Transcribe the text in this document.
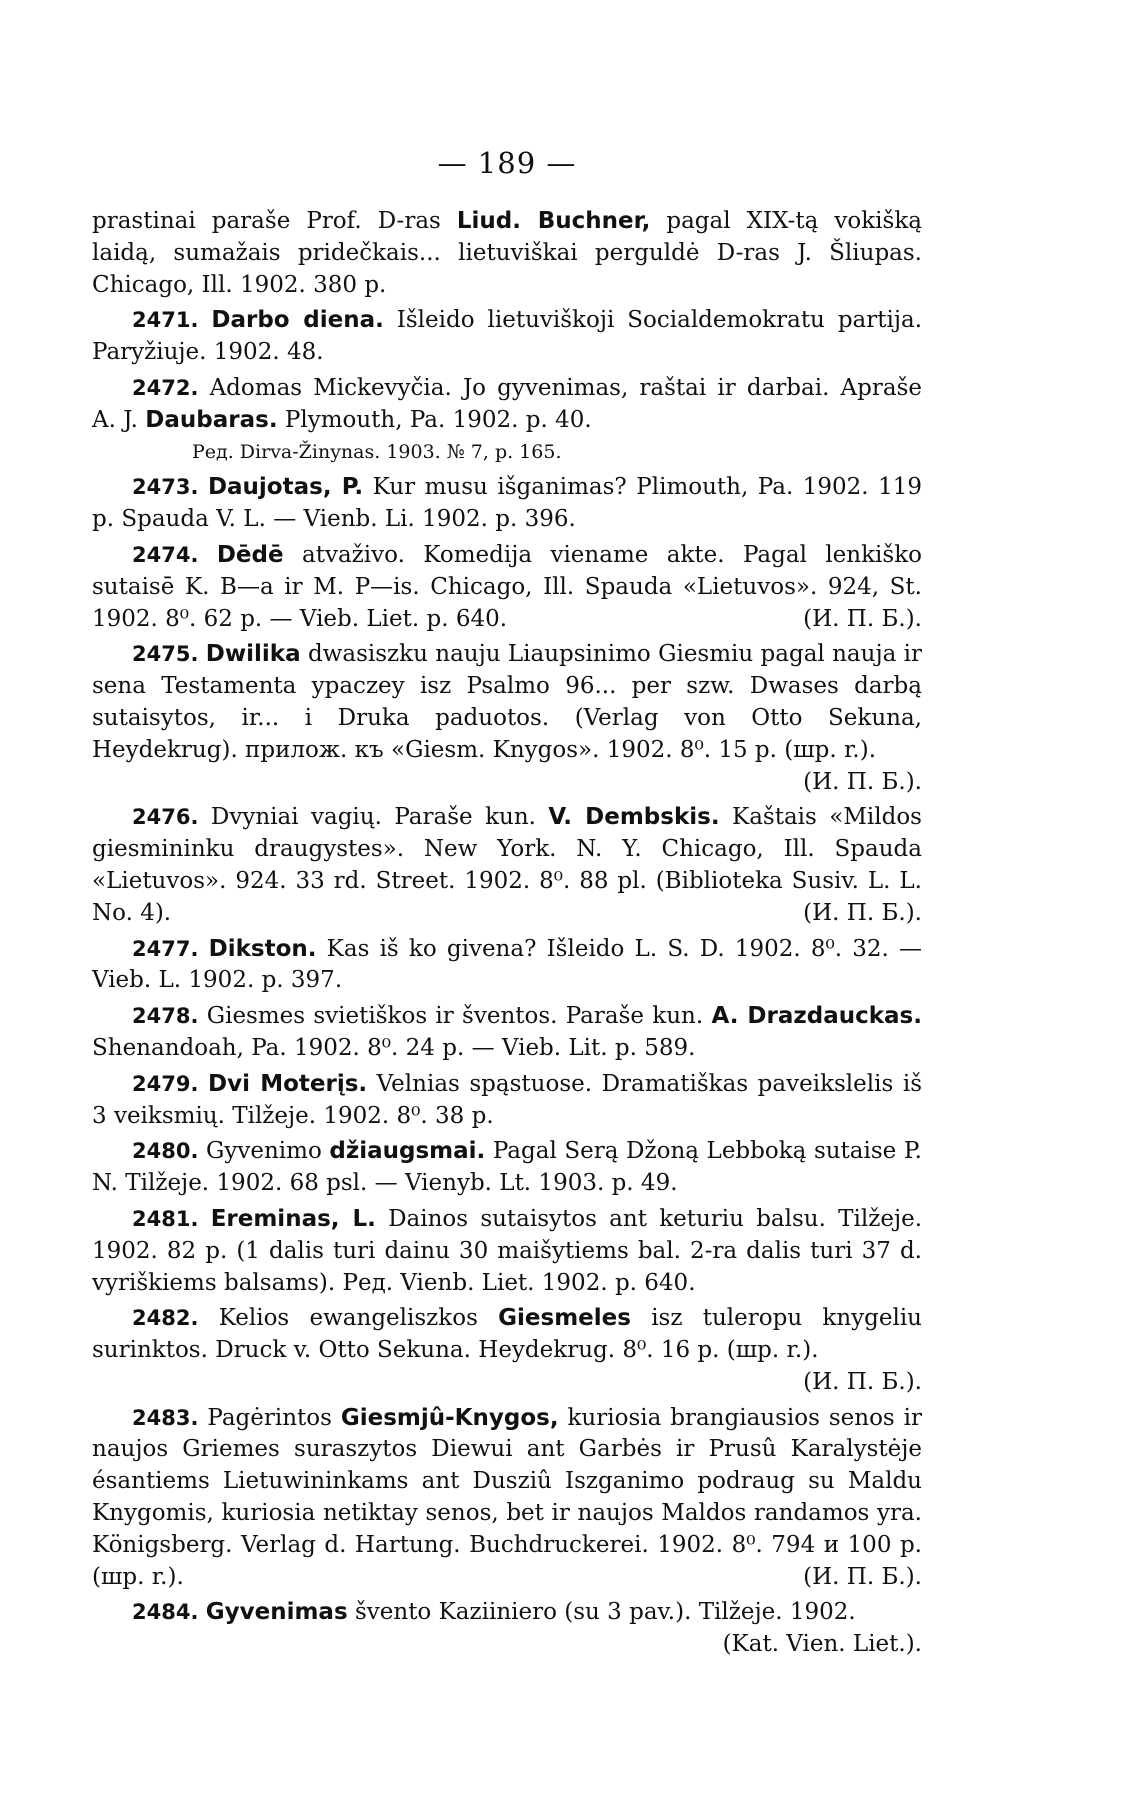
— 189 —

prastinai paraše Prof. D-ras Liud. Buchner, pagal XIX-tą vokišką laidą, sumažais pridečkais... lietuviškai perguldė D-ras J. Šliupas. Chicago, Ill. 1902. 380 p.

2471. Darbo diena. Išleido lietuviškoji Socialdemokratu partija. Paryžiuje. 1902. 48.

2472. Adomas Mickevyčia. Jo gyvenimas, raštai ir darbai. Apraše A. J. Daubaras. Plymouth, Pa. 1902. p. 40.
Ред. Dirva-Žinynas. 1903. № 7, p. 165.

2473. Daujotas, P. Kur musu išganimas? Plimouth, Pa. 1902. 119 p. Spauda V. L. — Vienb. Li. 1902. p. 396.

2474. Dēdē atvaživo. Komedija viename akte. Pagal lenkiško sutaisē K. B—a ir M. P—is. Chicago, Ill. Spauda «Lietuvos». 924, St. 1902. 8⁰. 62 p. — Vieb. Liet. p. 640.	(И. П. Б.).

2475. Dwilika dwasiszku nauju Liaupsinimo Giesmiu pagal nauja ir sena Testamenta ypaczey isz Psalmo 96... per szw. Dwases darbą sutaisytos, ir... i Druka paduotos. (Verlag von Otto Sekuna, Heydekrug). прилож. къ «Giesm. Knygos». 1902. 8⁰. 15 p. (шр. r.).
(И. П. Б.).

2476. Dvyniai vagių. Paraše kun. V. Dembskis. Kaštais «Mildos giesmininku draugystes». New York. N. Y. Chicago, Ill. Spauda «Lietuvos». 924. 33 rd. Street. 1902. 8⁰. 88 pl. (Biblioteka Susiv. L. L. No. 4).	(И. П. Б.).

2477. Dikston. Kas iš ko givena? Išleido L. S. D. 1902. 8⁰. 32. — Vieb. L. 1902. p. 397.

2478. Giesmes svietiškos ir šventos. Paraše kun. A. Drazdauckas. Shenandoah, Pa. 1902. 8⁰. 24 p. — Vieb. Lit. p. 589.

2479. Dvi Moterįs. Velnias spąstuose. Dramatiškas paveikslelis iš 3 veiksmių. Tilžeje. 1902. 8⁰. 38 p.

2480. Gyvenimo džiaugsmai. Pagal Serą Džoną Lebboką sutaise P. N. Tilžeje. 1902. 68 psl. — Vienyb. Lt. 1903. p. 49.

2481. Ereminas, L. Dainos sutaisytos ant keturiu balsu. Tilžeje. 1902. 82 p. (1 dalis turi dainu 30 maišytiems bal. 2-ra dalis turi 37 d. vyriškiems balsams). Ред. Vienb. Liet. 1902. p. 640.

2482. Kelios ewangeliszkos Giesmeles isz tuleropu knygeliu surinktos. Druck v. Otto Sekuna. Heydekrug. 8⁰. 16 p. (шр. r.).
(И. П. Б.).

2483. Pagėrintos Giesmjû-Knygos, kuriosia brangiausios senos ir naujos Griemes suraszytos Diewui ant Garbės ir Prusû Karalystėje ésantiems Lietuwininkams ant Dusziû Iszganimo podraug su Maldu Knygomis, kuriosia netiktay senos, bet ir naujos Maldos randamos yra. Königsberg. Verlag d. Hartung. Buchdruckerei. 1902. 8⁰. 794 и 100 p. (шр. r.).	(И. П. Б.).

2484. Gyvenimas švento Kaziiniero (su 3 pav.). Tilžeje. 1902.
(Kat. Vien. Liet.).
